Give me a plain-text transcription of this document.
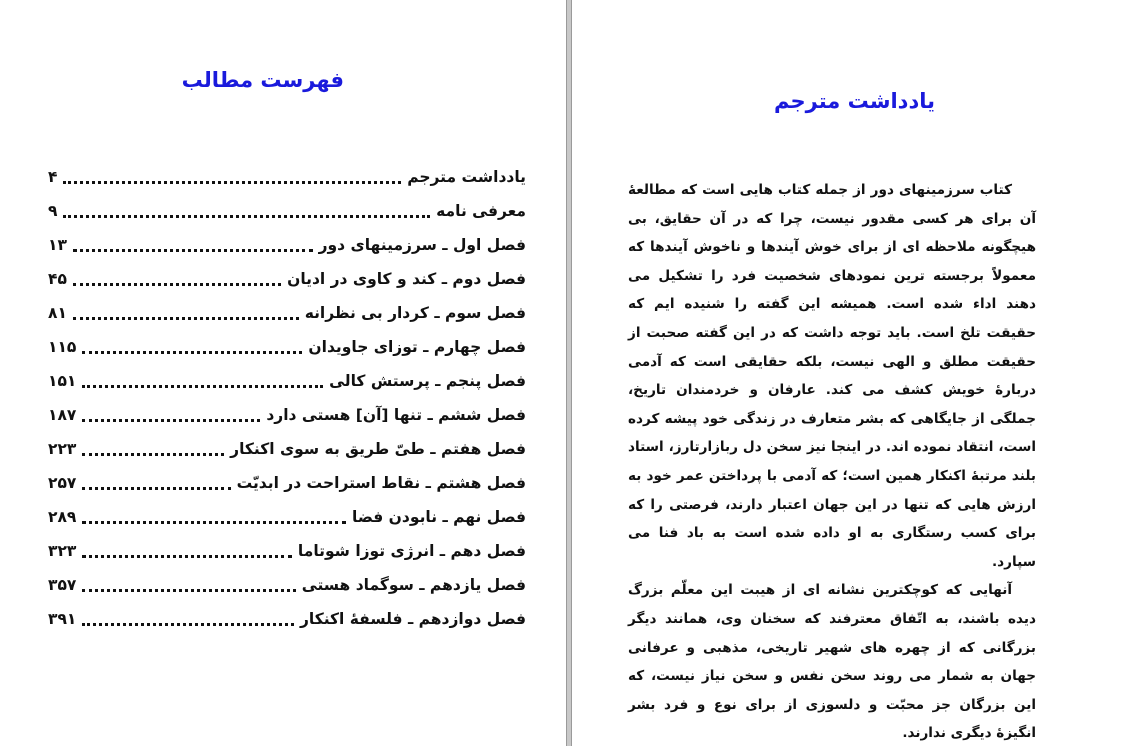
فهرست مطالب
یادداشت مترجم
۴
معرفی نامه
۹
فصل اول ـ سرزمینهای دور
۱۳
فصل دوم ـ کند و کاوی در ادیان
۴۵
فصل سوم ـ کردار بی نظرانه
۸۱
فصل چهارم ـ توزای جاویدان
۱۱۵
فصل پنجم ـ پرستش کالی
۱۵۱
فصل ششم ـ تنها [آن] هستی دارد
۱۸۷
فصل هفتم ـ طیّ طریق به سوی اکنکار
۲۲۳
فصل هشتم ـ نقاط استراحت در ابدیّت
۲۵۷
فصل نهم ـ نابودن فضا
۲۸۹
فصل دهم ـ انرژی توزا شوتاما
۳۲۳
فصل یازدهم ـ سوگماد هستی
۳۵۷
فصل دوازدهم ـ فلسفهٔ اکنکار
۳۹۱
یادداشت مترجم

کتاب سرزمینهای دور از جمله کتاب هایی است که مطالعهٔ آن برای هر کسی مقدور نیست، چرا که در آن حقایق، بی هیچگونه ملاحظه ای از برای خوش آیندها و ناخوش آیندها که معمولاً برجسته ترین نمودهای شخصیت فرد را تشکیل می دهند اداء شده است. همیشه این گفته را شنیده ایم که حقیقت تلخ است. باید توجه داشت که در این گفته صحبت از حقیقت مطلق و الهی نیست، بلکه حقایقی است که آدمی دربارهٔ خویش کشف می کند. عارفان و خردمندان تاریخ، جملگی از جایگاهی که بشر متعارف در زندگی خود پیشه کرده است، انتقاد نموده اند. در اینجا نیز سخن دل ربازارتارز، استاد بلند مرتبهٔ اکنکار همین است؛ که آدمی با پرداختن عمر خود به ارزش هایی که تنها در این جهان اعتبار دارند، فرصتی را که برای کسب رستگاری به او داده شده است به باد فنا می سپارد.

آنهایی که کوچکترین نشانه ای از هیبت این معلّم بزرگ دیده باشند، به اتّفاق معترفند که سخنان وی، همانند دیگر بزرگانی که از چهره های شهیر تاریخی، مذهبی و عرفانی جهان به شمار می روند سخن نفس و سخن نیاز نیست، که این بزرگان جز محبّت و دلسوزی از برای نوع و فرد بشر انگیزهٔ دیگری ندارند.
